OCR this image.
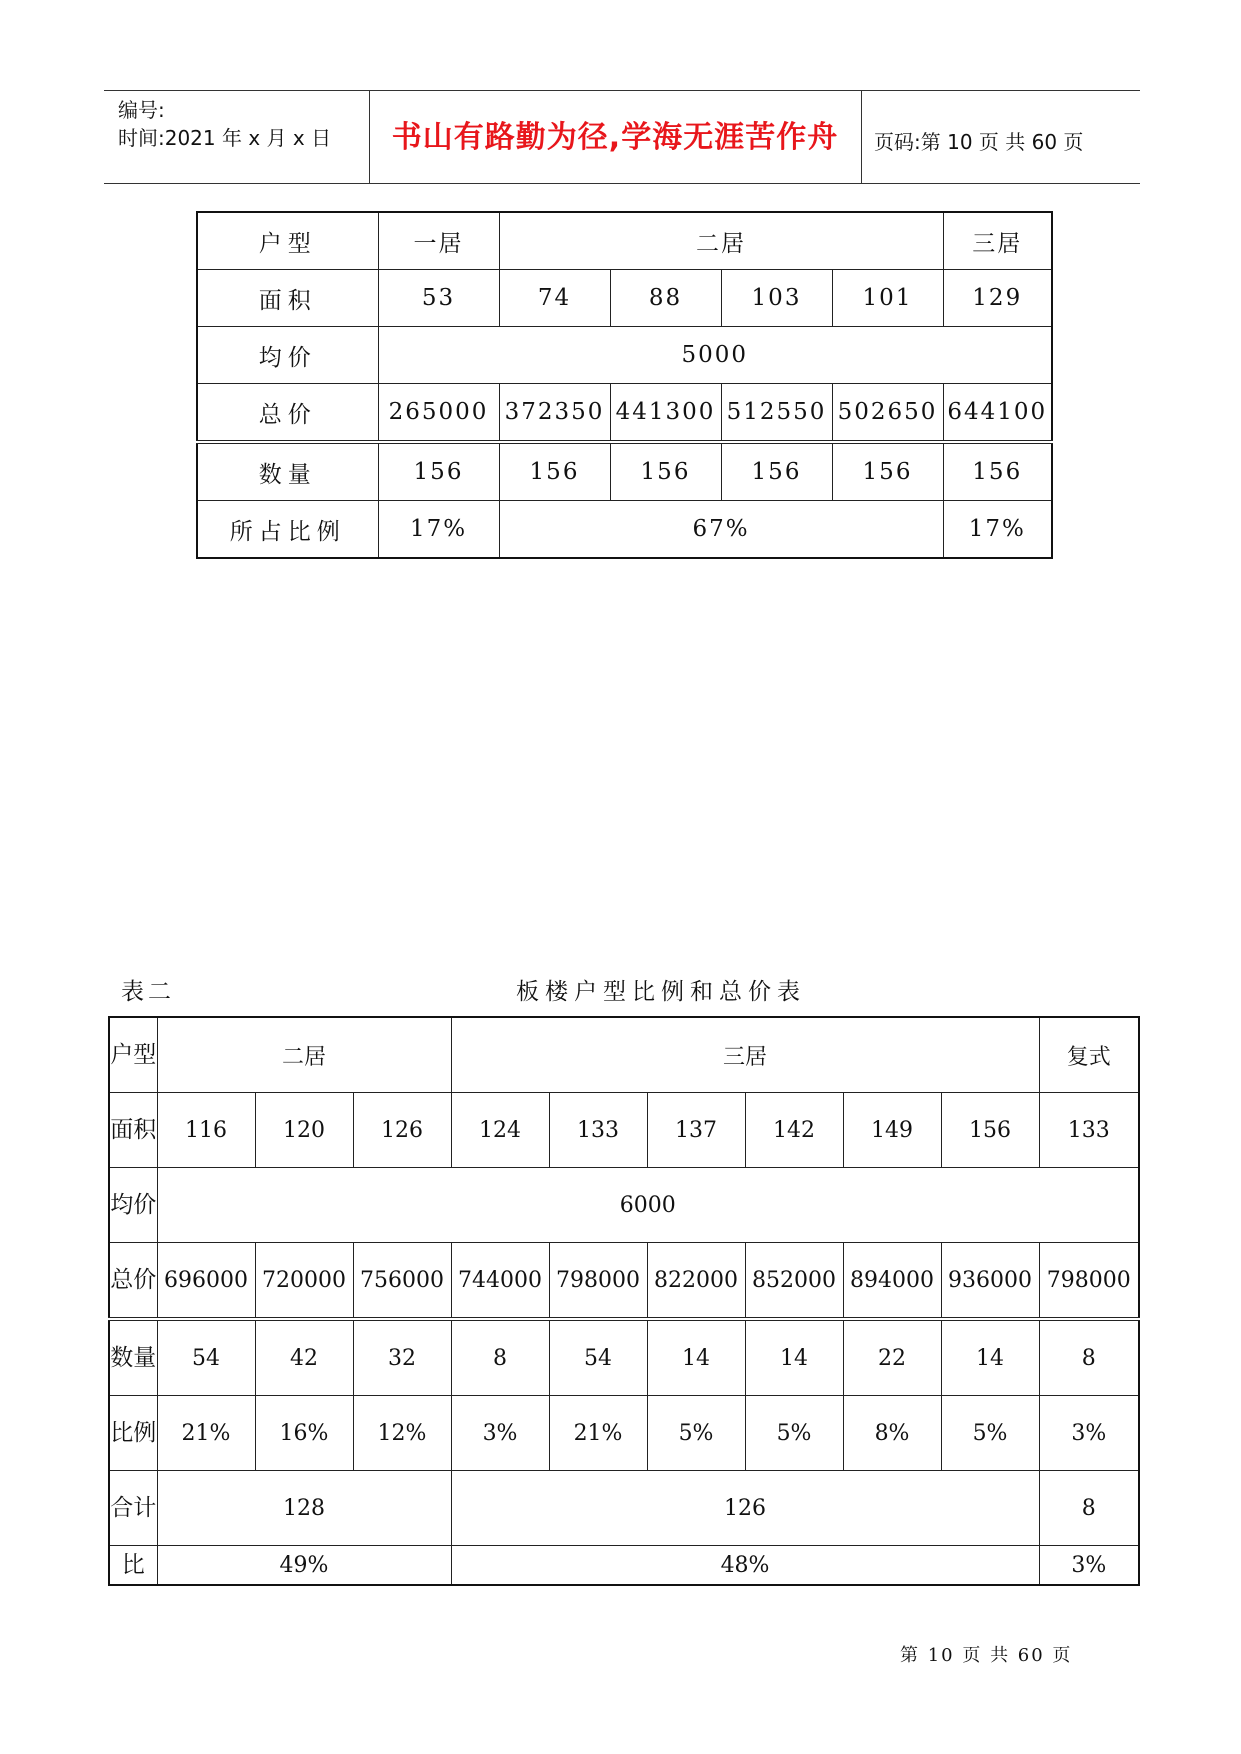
编号:
时间:2021 年 x 月 x 日	书山有路勤为径,学海无涯苦作舟	页码:第 10 页 共 60 页
户型	一居	二居				三居
面积	53	74	88	103	101	129
均价	5000					
总价	265000	372350	441300	512550	502650	644100
数量	156	156	156	156	156	156
所占比例	17%	67%				17%
表二	板楼户型比例和总价表
户型	二居			三居						复式
面积	116	120	126	124	133	137	142	149	156	133
均价	6000									
总价	696000	720000	756000	744000	798000	822000	852000	894000	936000	798000
数量	54	42	32	8	54	14	14	22	14	8
比例	21%	16%	12%	3%	21%	5%	5%	8%	5%	3%
合计	128			126						8
比	49%			48%						3%
第 10 页 共 60 页
